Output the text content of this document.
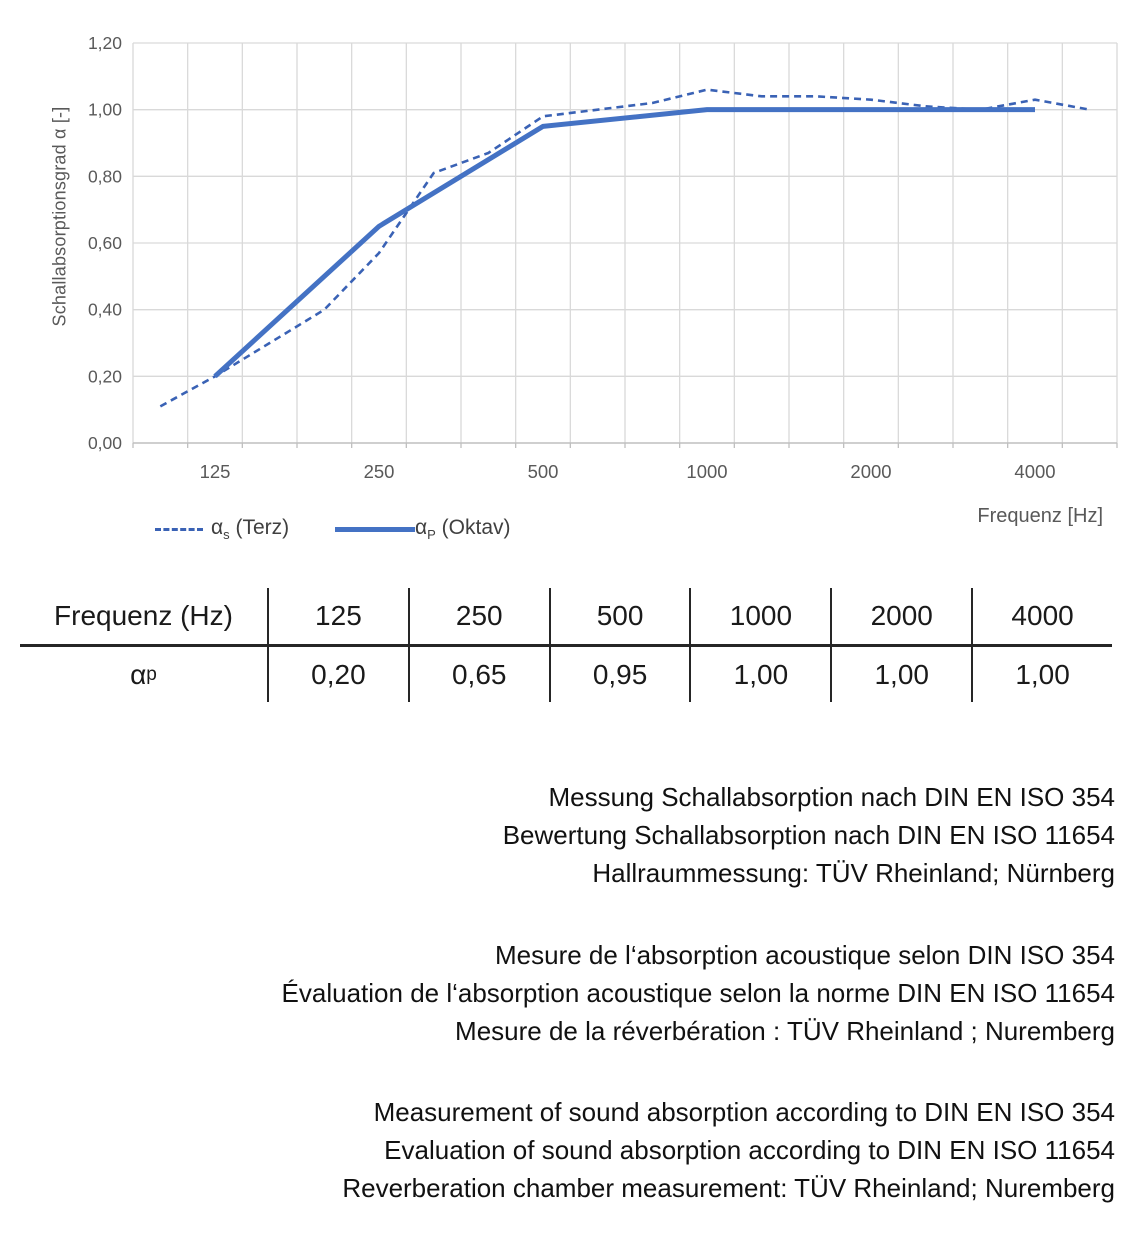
0,00
0,20
0,40
0,60
0,80
1,00
1,20
125	250	500	1000	2000	4000
Schallabsorptionsgrad α [-]
Frequenz [Hz]
$\alpha_s$ (Terz)	$\alpha_P$ (Oktav)
Frequenz (Hz)	125	250	500	1000	2000	4000
α p	0,20	0,65	0,95	1,00	1,00	1,00
Messung Schallabsorption nach DIN EN ISO 354
Bewertung Schallabsorption nach DIN EN ISO 11654
Hallraummessung: TÜV Rheinland; Nürnberg
Mesure de l‘absorption acoustique selon DIN ISO 354
Évaluation de l‘absorption acoustique selon la norme DIN EN ISO 11654
Mesure de la réverbération : TÜV Rheinland ; Nuremberg
Measurement of sound absorption according to DIN EN ISO 354
Evaluation of sound absorption according to DIN EN ISO 11654
Reverberation chamber measurement: TÜV Rheinland; Nuremberg
